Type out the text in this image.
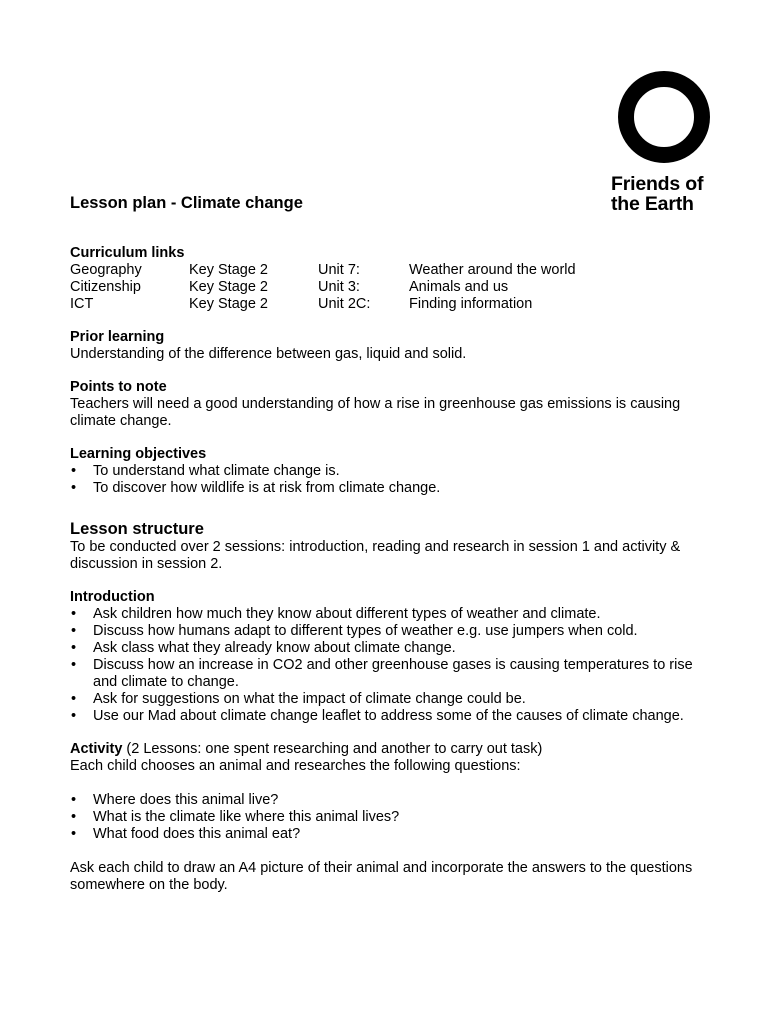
Friends of
the Earth
Lesson plan - Climate change
Curriculum links
Geography	Key Stage 2	Unit 7:	Weather around the world
Citizenship	Key Stage 2	Unit 3:	Animals and us
ICT	Key Stage 2	Unit 2C:	Finding information
Prior learning
Understanding of the difference between gas, liquid and solid.
Points to note
Teachers will need a good understanding of how a rise in greenhouse gas emissions is causing climate change.
Learning objectives
• To understand what climate change is.
• To discover how wildlife is at risk from climate change.
Lesson structure
To be conducted over 2 sessions: introduction, reading and research in session 1 and activity & discussion in session 2.
Introduction
• Ask children how much they know about different types of weather and climate.
• Discuss how humans adapt to different types of weather e.g. use jumpers when cold.
• Ask class what they already know about climate change.
• Discuss how an increase in CO2 and other greenhouse gases is causing temperatures to rise and climate to change.
• Ask for suggestions on what the impact of climate change could be.
• Use our Mad about climate change leaflet to address some of the causes of climate change.
Activity (2 Lessons: one spent researching and another to carry out task)
Each child chooses an animal and researches the following questions:
• Where does this animal live?
• What is the climate like where this animal lives?
• What food does this animal eat?
Ask each child to draw an A4 picture of their animal and incorporate the answers to the questions somewhere on the body.
